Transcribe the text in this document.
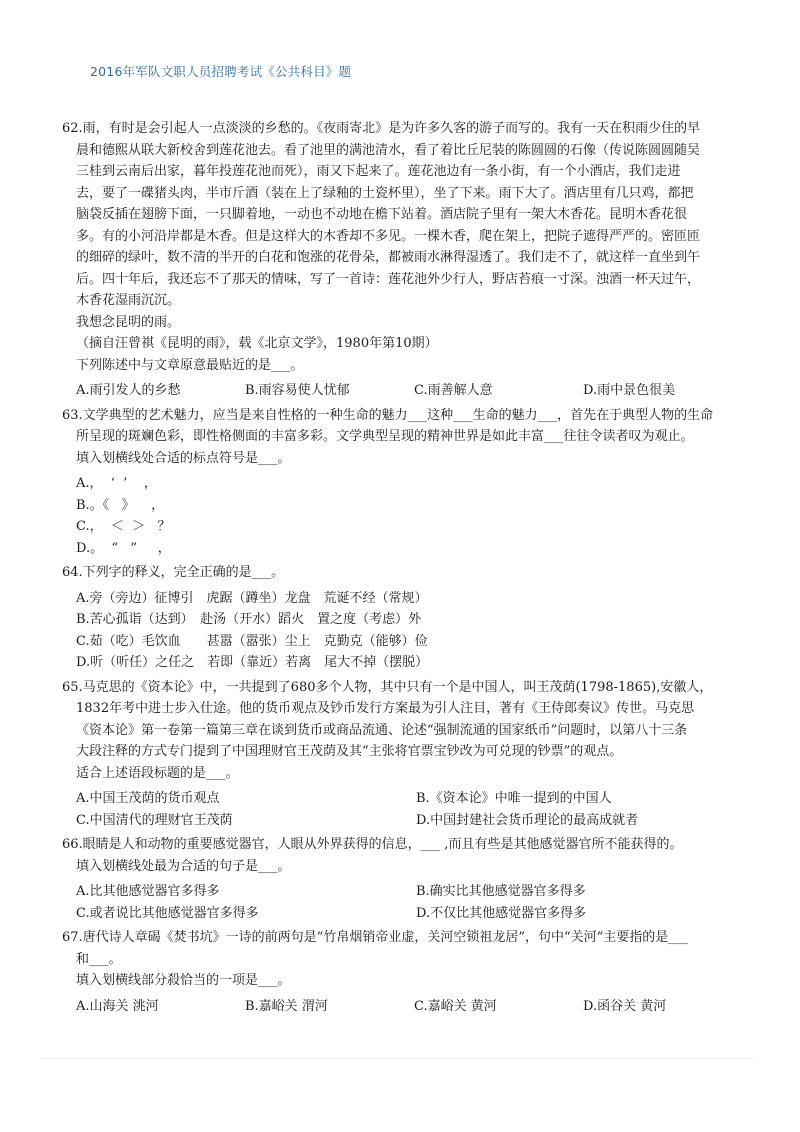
2016年军队文职人员招聘考试《公共科目》题

62.雨，有时是会引起人一点淡淡的乡愁的。《夜雨寄北》是为许多久客的游子而写的。我有一天在积雨少住的早

晨和德熙从联大新校舍到莲花池去。看了池里的满池清水，看了着比丘尼装的陈圆圆的石像（传说陈圆圆随吴

三桂到云南后出家，暮年投莲花池而死），雨又下起来了。莲花池边有一条小街，有一个小酒店，我们走进

去，要了一碟猪头肉，半市斤酒（装在上了绿釉的土瓷杯里），坐了下来。雨下大了。酒店里有几只鸡，都把

脑袋反插在翅膀下面，一只脚着地，一动也不动地在檐下站着。酒店院子里有一架大木香花。昆明木香花很

多。有的小河沿岸都是木香。但是这样大的木香却不多见。一棵木香，爬在架上，把院子遮得严严的。密匝匝

的细碎的绿叶，数不清的半开的白花和饱涨的花骨朵，都被雨水淋得湿透了。我们走不了，就这样一直坐到午

后。四十年后，我还忘不了那天的情味，写了一首诗：莲花池外少行人，野店苔痕一寸深。浊酒一杯天过午，

木香花湿雨沉沉。

我想念昆明的雨。

（摘自汪曾祺《昆明的雨》，载《北京文学》，1980年第10期）

下列陈述中与文章原意最贴近的是___。

A.雨引发人的乡愁	B.雨容易使人忧郁	C.雨善解人意	D.雨中景色很美

63.文学典型的艺术魅力，应当是来自性格的一种生命的魅力___这种___生命的魅力___，首先在于典型人物的生命

所呈现的斑斓色彩，即性格侧面的丰富多彩。文学典型呈现的精神世界是如此丰富___往往令读者叹为观止。

填入划横线处合适的标点符号是___。

A.，  ‘  ’    ，
B.。《   》    ，
C.，  ＜  ＞   ？
D.。  “   ”     ，

64.下列字的释义，完全正确的是___。

A.旁（旁边）征博引　虎踞（蹲坐）龙盘　荒诞不经（常规）
B.苦心孤诣（达到）　赴汤（开水）蹈火　置之度（考虑）外
C.茹（吃）毛饮血　　甚嚣（嚣张）尘上　克勤克（能够）俭
D.听（听任）之任之　若即（靠近）若离　尾大不掉（摆脱）

65.马克思的《资本论》中，一共提到了680多个人物，其中只有一个是中国人，叫王茂荫(1798-1865),安徽人，

1832年考中进士步入仕途。他的货币观点及钞币发行方案最为引人注目，著有《王侍郎奏议》传世。马克思

《资本论》第一卷第一篇第三章在谈到货币或商品流通、论述“强制流通的国家纸币”问题时，以第八十三条

大段注释的方式专门提到了中国理财官王茂荫及其“主张将官票宝钞改为可兑现的钞票”的观点。

适合上述语段标题的是___。

A.中国王茂荫的货币观点	B.《资本论》中唯一提到的中国人
C.中国清代的理财官王茂荫	D.中国封建社会货币理论的最高成就者

66.眼睛是人和动物的重要感觉器官，人眼从外界获得的信息，___ ,而且有些是其他感觉器官所不能获得的。

填入划横线处最为合适的句子是___。

A.比其他感觉器官多得多	B.确实比其他感觉器官多得多
C.或者说比其他感觉器官多得多	D.不仅比其他感觉器官多得多

67.唐代诗人章碣《焚书坑》一诗的前两句是“竹帛烟销帝业虚，关河空锁祖龙居”，句中“关河“主要指的是___

和___。

填入划横线部分殺恰当的一项是___。

A.山海关 洮河	B.嘉峪关 渭河	C.嘉峪关 黄河	D.函谷关 黄河
